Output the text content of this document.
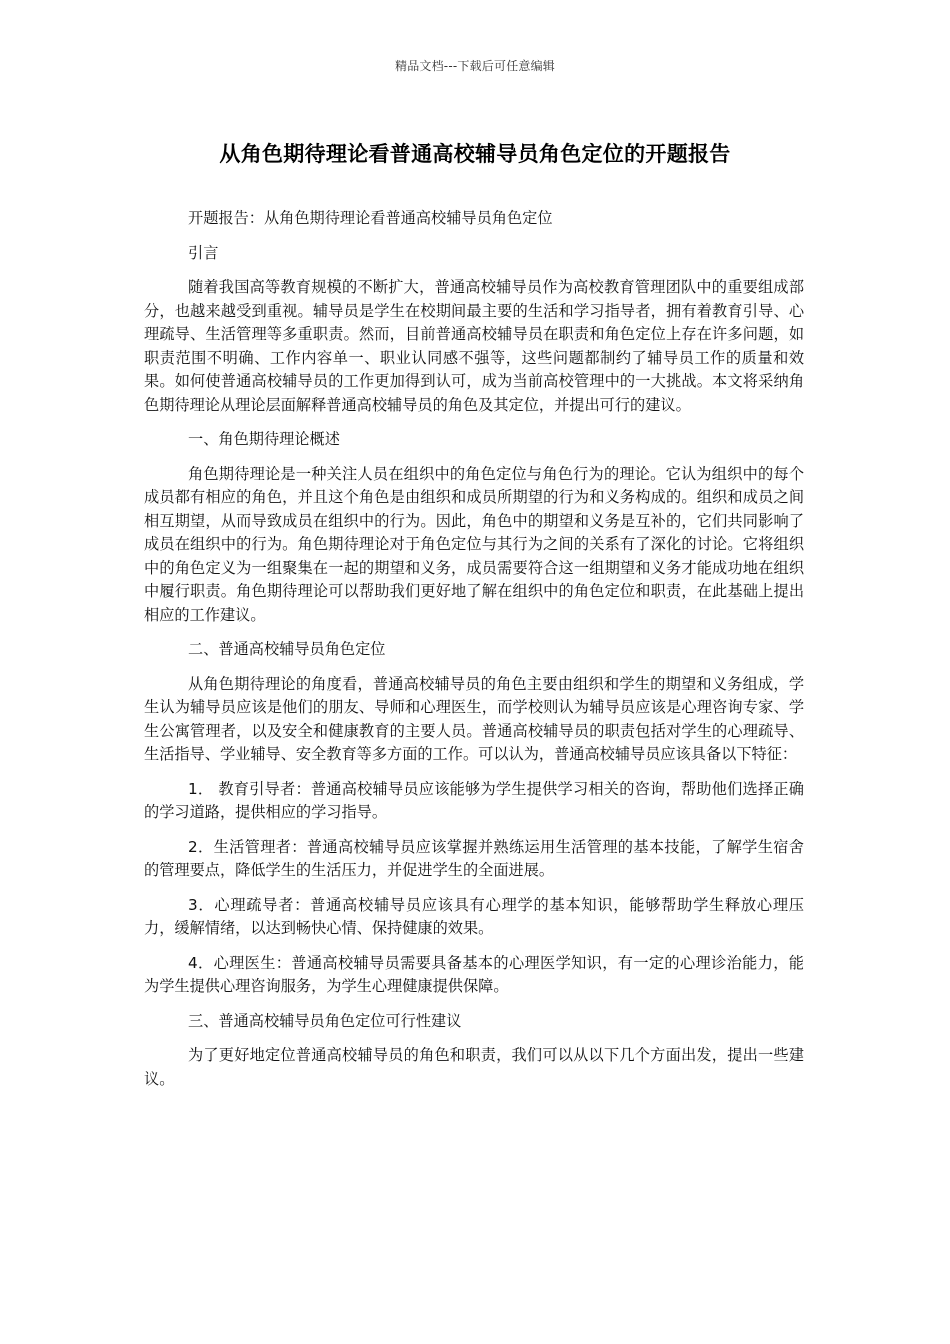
精品文档---下载后可任意编辑
从角色期待理论看普通高校辅导员角色定位的开题报告

开题报告：从角色期待理论看普通高校辅导员角色定位

引言

随着我国高等教育规模的不断扩大，普通高校辅导员作为高校教育管理团队中的重要组成部分，也越来越受到重视。辅导员是学生在校期间最主要的生活和学习指导者，拥有着教育引导、心理疏导、生活管理等多重职责。然而，目前普通高校辅导员在职责和角色定位上存在许多问题，如职责范围不明确、工作内容单一、职业认同感不强等，这些问题都制约了辅导员工作的质量和效果。如何使普通高校辅导员的工作更加得到认可，成为当前高校管理中的一大挑战。本文将采纳角色期待理论从理论层面解释普通高校辅导员的角色及其定位，并提出可行的建议。

一、角色期待理论概述

角色期待理论是一种关注人员在组织中的角色定位与角色行为的理论。它认为组织中的每个成员都有相应的角色，并且这个角色是由组织和成员所期望的行为和义务构成的。组织和成员之间相互期望，从而导致成员在组织中的行为。因此，角色中的期望和义务是互补的，它们共同影响了成员在组织中的行为。角色期待理论对于角色定位与其行为之间的关系有了深化的讨论。它将组织中的角色定义为一组聚集在一起的期望和义务，成员需要符合这一组期望和义务才能成功地在组织中履行职责。角色期待理论可以帮助我们更好地了解在组织中的角色定位和职责，在此基础上提出相应的工作建议。

二、普通高校辅导员角色定位

从角色期待理论的角度看，普通高校辅导员的角色主要由组织和学生的期望和义务组成，学生认为辅导员应该是他们的朋友、导师和心理医生，而学校则认为辅导员应该是心理咨询专家、学生公寓管理者，以及安全和健康教育的主要人员。普通高校辅导员的职责包括对学生的心理疏导、生活指导、学业辅导、安全教育等多方面的工作。可以认为，普通高校辅导员应该具备以下特征：

1． 教育引导者：普通高校辅导员应该能够为学生提供学习相关的咨询，帮助他们选择正确的学习道路，提供相应的学习指导。

2．生活管理者：普通高校辅导员应该掌握并熟练运用生活管理的基本技能，了解学生宿舍的管理要点，降低学生的生活压力，并促进学生的全面进展。

3．心理疏导者：普通高校辅导员应该具有心理学的基本知识，能够帮助学生释放心理压力，缓解情绪，以达到畅快心情、保持健康的效果。

4．心理医生：普通高校辅导员需要具备基本的心理医学知识，有一定的心理诊治能力，能为学生提供心理咨询服务，为学生心理健康提供保障。

三、普通高校辅导员角色定位可行性建议

为了更好地定位普通高校辅导员的角色和职责，我们可以从以下几个方面出发，提出一些建议。
